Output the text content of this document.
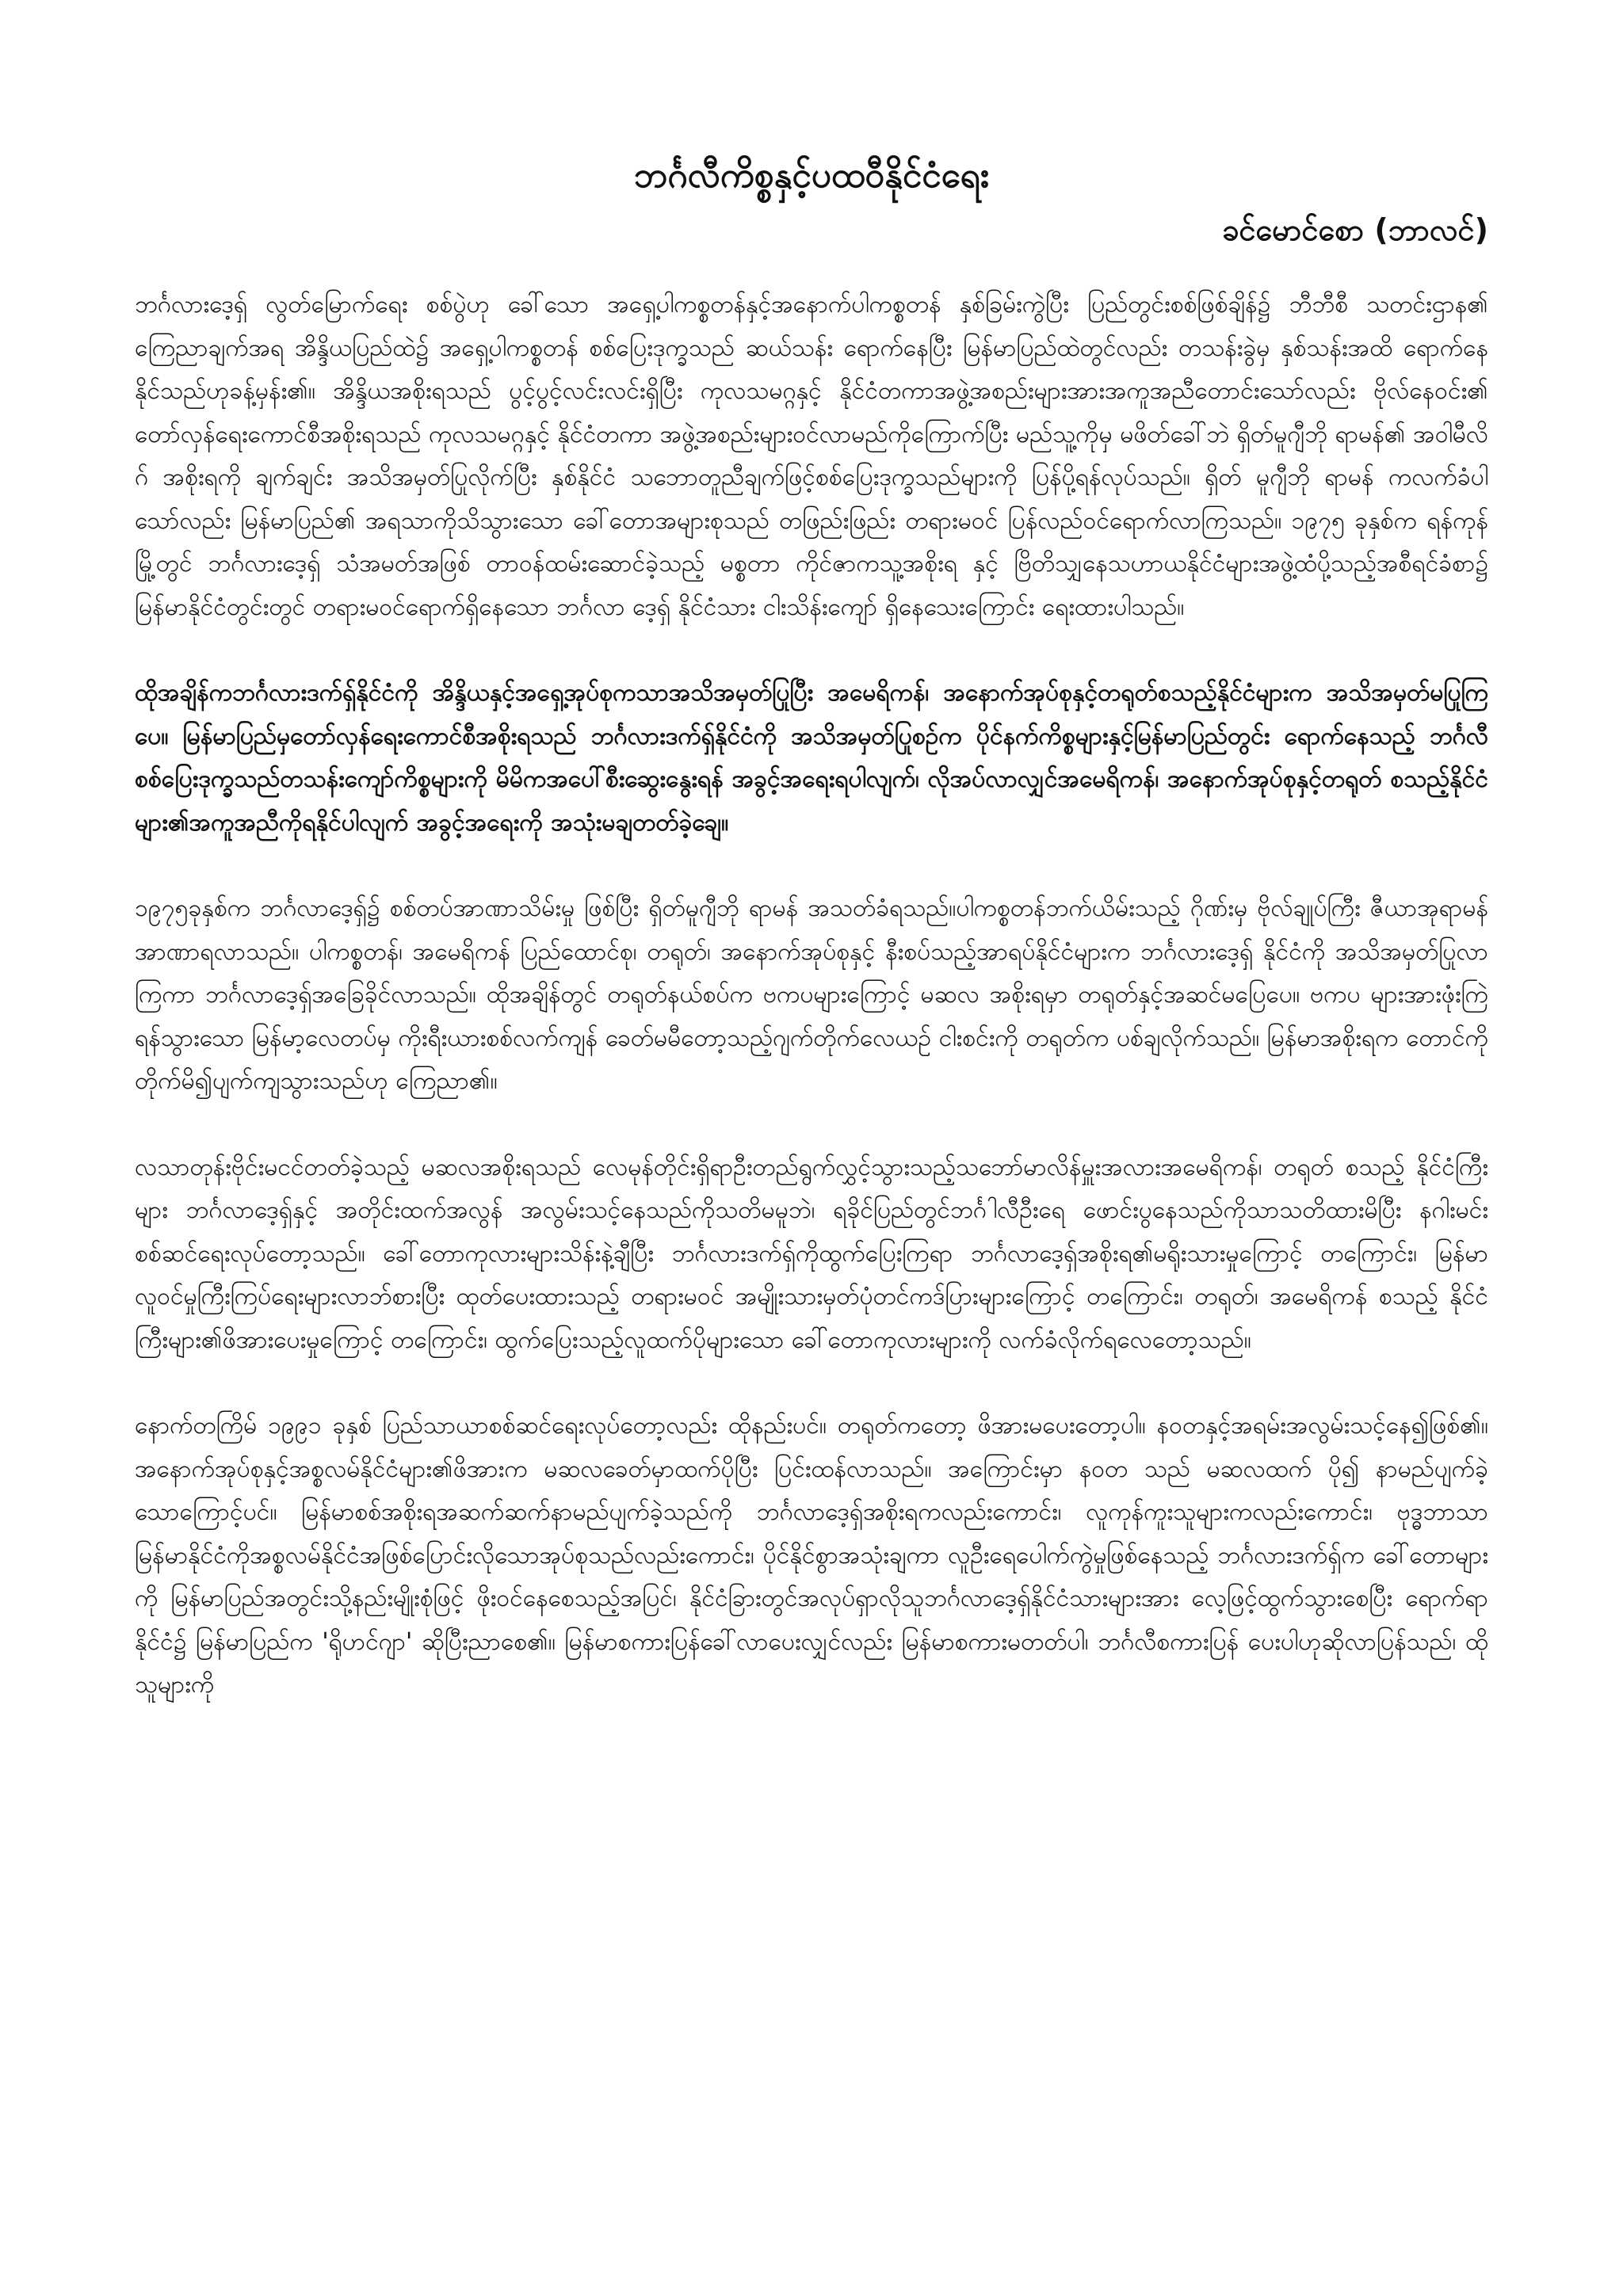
ဘင်္ဂလီကိစ္စနှင့်ပထဝီနိုင်ငံရေး
ခင်မောင်စော (ဘာလင်)

ဘင်္ဂလားဒေ့ရှ် လွတ်မြောက်ရေး စစ်ပွဲဟု ခေါ်သော အရှေ့ပါကစ္စတန်နှင့်အနောက်ပါကစ္စတန် နှစ်ခြမ်းကွဲပြီး ပြည်တွင်းစစ်ဖြစ်ချိန်၌ ဘီဘီစီ သတင်းဌာန၏ ကြေညာချက်အရ အိန္ဒိယပြည်ထဲ၌ အရှေ့ပါကစ္စတန် စစ်ပြေးဒုက္ခသည် ဆယ်သန်း ရောက်နေပြီး မြန်မာပြည်ထဲတွင်လည်း တသန်းခွဲမှ နှစ်သန်းအထိ ရောက်နေနိုင်သည်ဟုခန့်မှန်း၏။ အိန္ဒိယအစိုးရသည် ပွင့်ပွင့်လင်းလင်းရှိပြီး ကုလသမဂ္ဂနှင့် နိုင်ငံတကာအဖွဲ့အစည်းများအားအကူအညီတောင်းသော်လည်း ဗိုလ်နေဝင်း၏ တော်လှန်ရေးကောင်စီအစိုးရသည် ကုလသမဂ္ဂနှင့် နိုင်ငံတကာ အဖွဲ့အစည်းများဝင်လာမည်ကိုကြောက်ပြီး မည်သူ့ကိုမှ မဖိတ်ခေါ်ဘဲ ရှိတ်မူဂျီဘို ရာမန်၏ အဝါမီလိဂ် အစိုးရကို ချက်ချင်း အသိအမှတ်ပြုလိုက်ပြီး နှစ်နိုင်ငံ သဘောတူညီချက်ဖြင့်စစ်ပြေးဒုက္ခသည်များကို ပြန်ပို့ရန်လုပ်သည်။ ရှိတ် မူဂျီဘို ရာမန် ကလက်ခံပါသော်လည်း မြန်မာပြည်၏ အရသာကိုသိသွားသော ခေါ်တောအများစုသည် တဖြည်းဖြည်း တရားမဝင် ပြန်လည်ဝင်ရောက်လာကြသည်။ ၁၉၇၅ ခုနှစ်က ရန်ကုန်မြို့တွင် ဘင်္ဂလားဒေ့ရှ် သံအမတ်အဖြစ် တာဝန်ထမ်းဆောင်ခဲ့သည့် မစ္စတာ ကိုင်ဇာကသူ့အစိုးရ နှင့် ဗြိတိသျှနေသဟာယနိုင်ငံများအဖွဲ့ထံပို့သည့်အစီရင်ခံစာ၌ မြန်မာနိုင်ငံတွင်းတွင် တရားမဝင်ရောက်ရှိနေသော ဘင်္ဂလာ ဒေ့ရှ် နိုင်ငံသား ငါးသိန်းကျော် ရှိနေသေးကြောင်း ရေးထားပါသည်။

ထိုအချိန်ကဘင်္ဂလားဒက်ရှ်နိုင်ငံကို အိန္ဒိယနှင့်အရှေ့အုပ်စုကသာအသိအမှတ်ပြုပြီး အမေရိကန်၊ အနောက်အုပ်စုနှင့်တရုတ်စသည့်နိုင်ငံများက အသိအမှတ်မပြုကြပေ။ မြန်မာပြည်မှတော်လှန်ရေးကောင်စီအစိုးရသည် ဘင်္ဂလားဒက်ရှ်နိုင်ငံကို အသိအမှတ်ပြုစဉ်က ပိုင်နက်ကိစ္စများနှင့်မြန်မာပြည်တွင်း ရောက်နေသည့် ဘင်္ဂလီစစ်ပြေးဒုက္ခသည်တသန်းကျော်ကိစ္စများကို မိမိကအပေါ်စီးဆွေးနွေးရန် အခွင့်အရေးရပါလျက်၊ လိုအပ်လာလျှင်အမေရိကန်၊ အနောက်အုပ်စုနှင့်တရုတ် စသည့်နိုင်ငံများ၏အကူအညီကိုရနိုင်ပါလျက် အခွင့်အရေးကို အသုံးမချတတ်ခဲ့ချေ။

၁၉၇၅ခုနှစ်က ဘင်္ဂလာဒေ့ရှ်၌ စစ်တပ်အာဏာသိမ်းမှု ဖြစ်ပြီး ရှိတ်မူဂျီဘို ရာမန် အသတ်ခံရသည်။ပါကစ္စတန်ဘက်ယိမ်းသည့် ဂိုဏ်းမှ ဗိုလ်ချုပ်ကြီး ဇီယာအုရာမန် အာဏာရလာသည်။ ပါကစ္စတန်၊ အမေရိကန် ပြည်ထောင်စု၊ တရုတ်၊ အနောက်အုပ်စုနှင့် နီးစပ်သည့်အာရပ်နိုင်ငံများက ဘင်္ဂလားဒေ့ရှ် နိုင်ငံကို အသိအမှတ်ပြုလာကြကာ ဘင်္ဂလာဒေ့ရှ်အခြေခိုင်လာသည်။ ထိုအချိန်တွင် တရုတ်နယ်စပ်က ဗကပများကြောင့် မဆလ အစိုးရမှာ တရုတ်နှင့်အဆင်မပြေပေ။ ဗကပ များအားဖုံးကြဲရန်သွားသော မြန်မာ့လေတပ်မှ ကိုးရီးယားစစ်လက်ကျန် ခေတ်မမီတော့သည့်ဂျက်တိုက်လေယဉ် ငါးစင်းကို တရုတ်က ပစ်ချလိုက်သည်။ မြန်မာအစိုးရက တောင်ကိုတိုက်မိ၍ပျက်ကျသွားသည်ဟု ကြေညာ၏။

လသာတုန်းဗိုင်းမငင်တတ်ခဲ့သည့် မဆလအစိုးရသည် လေမုန်တိုင်းရှိရာဦးတည်ရွက်လွှင့်သွားသည့်သဘော်မာလိန်မှူးအလားအမေရိကန်၊ တရုတ် စသည့် နိုင်ငံကြီးများ ဘင်္ဂလာဒေ့ရှ်နှင့် အတိုင်းထက်အလွန် အလွမ်းသင့်နေသည်ကိုသတိမမူဘဲ၊ ရခိုင်ပြည်တွင်ဘင်္ဂါလီဦးရေ ဖောင်းပွနေသည်ကိုသာသတိထားမိပြီး နဂါးမင်းစစ်ဆင်ရေးလုပ်တော့သည်။ ခေါ်တောကုလားများသိန်းနဲ့ချီပြီး ဘင်္ဂလားဒက်ရှ်ကိုထွက်ပြေးကြရာ ဘင်္ဂလာဒေ့ရှ်အစိုးရ၏မရိုးသားမှုကြောင့် တကြောင်း၊ မြန်မာလူဝင်မှုကြီးကြပ်ရေးများလာဘ်စားပြီး ထုတ်ပေးထားသည့် တရားမဝင် အမျိုးသားမှတ်ပုံတင်ကဒ်ပြားများကြောင့် တကြောင်း၊ တရုတ်၊ အမေရိကန် စသည့် နိုင်ငံကြီးများ၏ဖိအားပေးမှုကြောင့် တကြောင်း၊ ထွက်ပြေးသည့်လူထက်ပိုများသော ခေါ်တောကုလားများကို လက်ခံလိုက်ရလေတော့သည်။

နောက်တကြိမ် ၁၉၉၁ ခုနှစ် ပြည်သာယာစစ်ဆင်ရေးလုပ်တော့လည်း ထိုနည်းပင်။ တရုတ်ကတော့ ဖိအားမပေးတော့ပါ။ နဝတနှင့်အရမ်းအလွမ်းသင့်နေ၍ဖြစ်၏။ အနောက်အုပ်စုနှင့်အစ္စလမ်နိုင်ငံများ၏ဖိအားက မဆလခေတ်မှာထက်ပိုပြီး ပြင်းထန်လာသည်။ အကြောင်းမှာ နဝတ သည် မဆလထက် ပို၍ နာမည်ပျက်ခဲ့သောကြောင့်ပင်။ မြန်မာစစ်အစိုးရအဆက်ဆက်နာမည်ပျက်ခဲ့သည်ကို ဘင်္ဂလာဒေ့ရှ်အစိုးရကလည်းကောင်း၊ လူကုန်ကူးသူများကလည်းကောင်း၊ ဗုဒ္ဓဘာသာမြန်မာနိုင်ငံကိုအစ္စလမ်နိုင်ငံအဖြစ်ပြောင်းလိုသောအုပ်စုသည်လည်းကောင်း၊ ပိုင်နိုင်စွာအသုံးချကာ လူဦးရေပေါက်ကွဲမှုဖြစ်နေသည့် ဘင်္ဂလားဒက်ရှ်က ခေါ်တောများကို မြန်မာပြည်အတွင်းသို့နည်းမျိုးစုံဖြင့် ဖိုးဝင်နေစေသည့်အပြင်၊ နိုင်ငံခြားတွင်အလုပ်ရှာလိုသူဘင်္ဂလာဒေ့ရှ်နိုင်ငံသားများအား လေ့ဖြင့်ထွက်သွားစေပြီး ရောက်ရာနိုင်ငံ၌ မြန်မာပြည်က 'ရိုဟင်ဂျာ' ဆိုပြီးညာစေ၏။ မြန်မာစကားပြန်ခေါ်လာပေးလျှင်လည်း မြန်မာစကားမတတ်ပါ၊ ဘင်္ဂလီစကားပြန် ပေးပါဟုဆိုလာပြန်သည်၊ ထိုသူများကို
